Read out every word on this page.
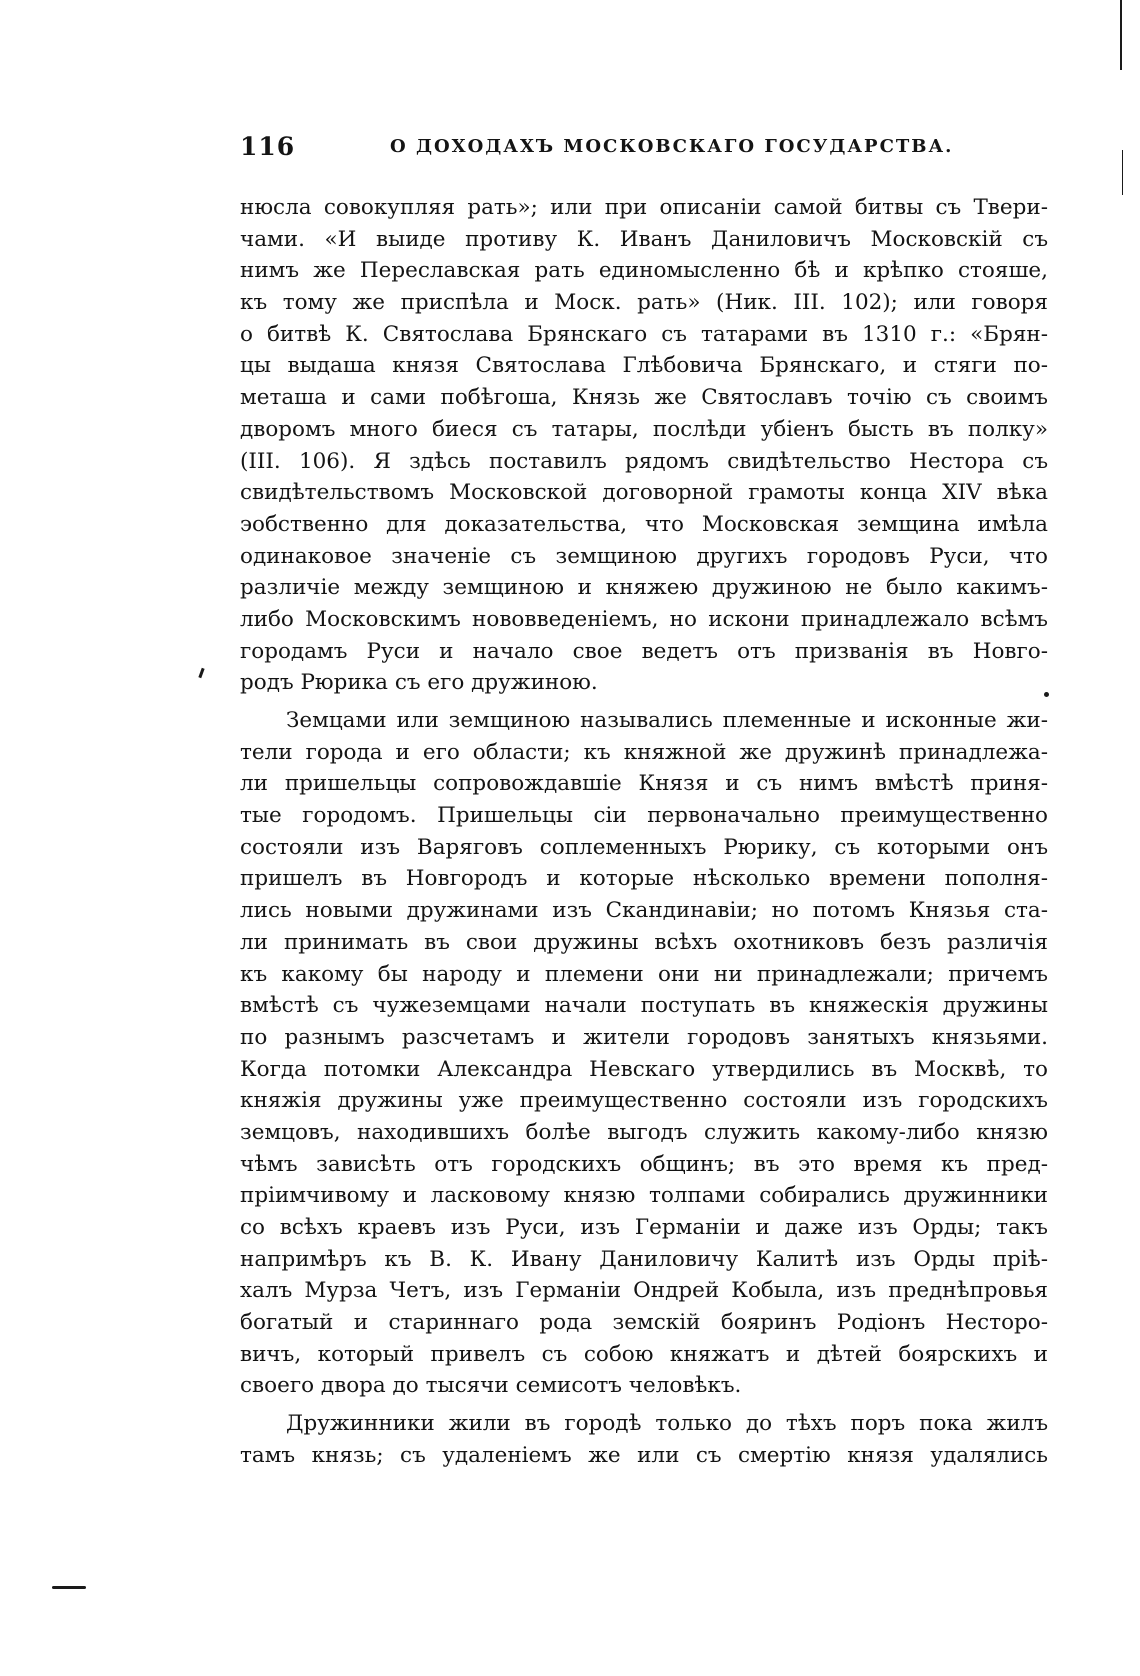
116	О ДОХОДАХЪ МОСКОВСКАГО ГОСУДАРСТВА.
нюсла совокупляя рать»; или при описаніи самой битвы съ Твери-
чами. «И выиде противу К. Иванъ Даниловичъ Московскій съ
нимъ же Переславская рать единомысленно бѣ и крѣпко стояше,
къ тому же приспѣла и Моск. рать» (Ник. III. 102); или говоря
о битвѣ К. Святослава Брянскаго съ татарами въ 1310 г.: «Брян-
цы выдаша князя Святослава Глѣбовича Брянскаго, и стяги по-
меташа и сами побѣгоша, Князь же Святославъ точію съ своимъ
дворомъ много биеся съ татары, послѣди убіенъ бысть въ полку»
(III. 106). Я здѣсь поставилъ рядомъ свидѣтельство Нестора съ
свидѣтельствомъ Московской договорной грамоты конца XIV вѣка
эобственно для доказательства, что Московская земщина имѣла
одинаковое значеніе съ земщиною другихъ городовъ Руси, что
различіе между земщиною и княжею дружиною не было какимъ-
либо Московскимъ нововведеніемъ, но искони принадлежало всѣмъ
городамъ Руси и начало свое ведетъ отъ призванія въ Новго-
родъ Рюрика съ его дружиною.
Земцами или земщиною назывались племенные и исконные жи-
тели города и его области; къ княжной же дружинѣ принадлежа-
ли пришельцы сопровождавшіе Князя и съ нимъ вмѣстѣ приня-
тые городомъ. Пришельцы сіи первоначально преимущественно
состояли изъ Варяговъ соплеменныхъ Рюрику, съ которыми онъ
пришелъ въ Новгородъ и которые нѣсколько времени пополня-
лись новыми дружинами изъ Скандинавіи; но потомъ Князья ста-
ли принимать въ свои дружины всѣхъ охотниковъ безъ различія
къ какому бы народу и племени они ни принадлежали; причемъ
вмѣстѣ съ чужеземцами начали поступать въ княжескія дружины
по разнымъ разсчетамъ и жители городовъ занятыхъ князьями.
Когда потомки Александра Невскаго утвердились въ Москвѣ, то
княжія дружины уже преимущественно состояли изъ городскихъ
земцовъ, находившихъ болѣе выгодъ служить какому-либо князю
чѣмъ зависѣть отъ городскихъ общинъ; въ это время къ пред-
пріимчивому и ласковому князю толпами собирались дружинники
со всѣхъ краевъ изъ Руси, изъ Германіи и даже изъ Орды; такъ
напримѣръ къ В. К. Ивану Даниловичу Калитѣ изъ Орды пріѣ-
халъ Мурза Четъ, изъ Германіи Ондрей Кобыла, изъ преднѣпровья
богатый и стариннаго рода земскій бояринъ Родіонъ Несторо-
вичъ, который привелъ съ собою княжатъ и дѣтей боярскихъ и
своего двора до тысячи семисотъ человѣкъ.
Дружинники жили въ городѣ только до тѣхъ поръ пока жилъ
тамъ князь; съ удаленіемъ же или съ смертію князя удалялись
